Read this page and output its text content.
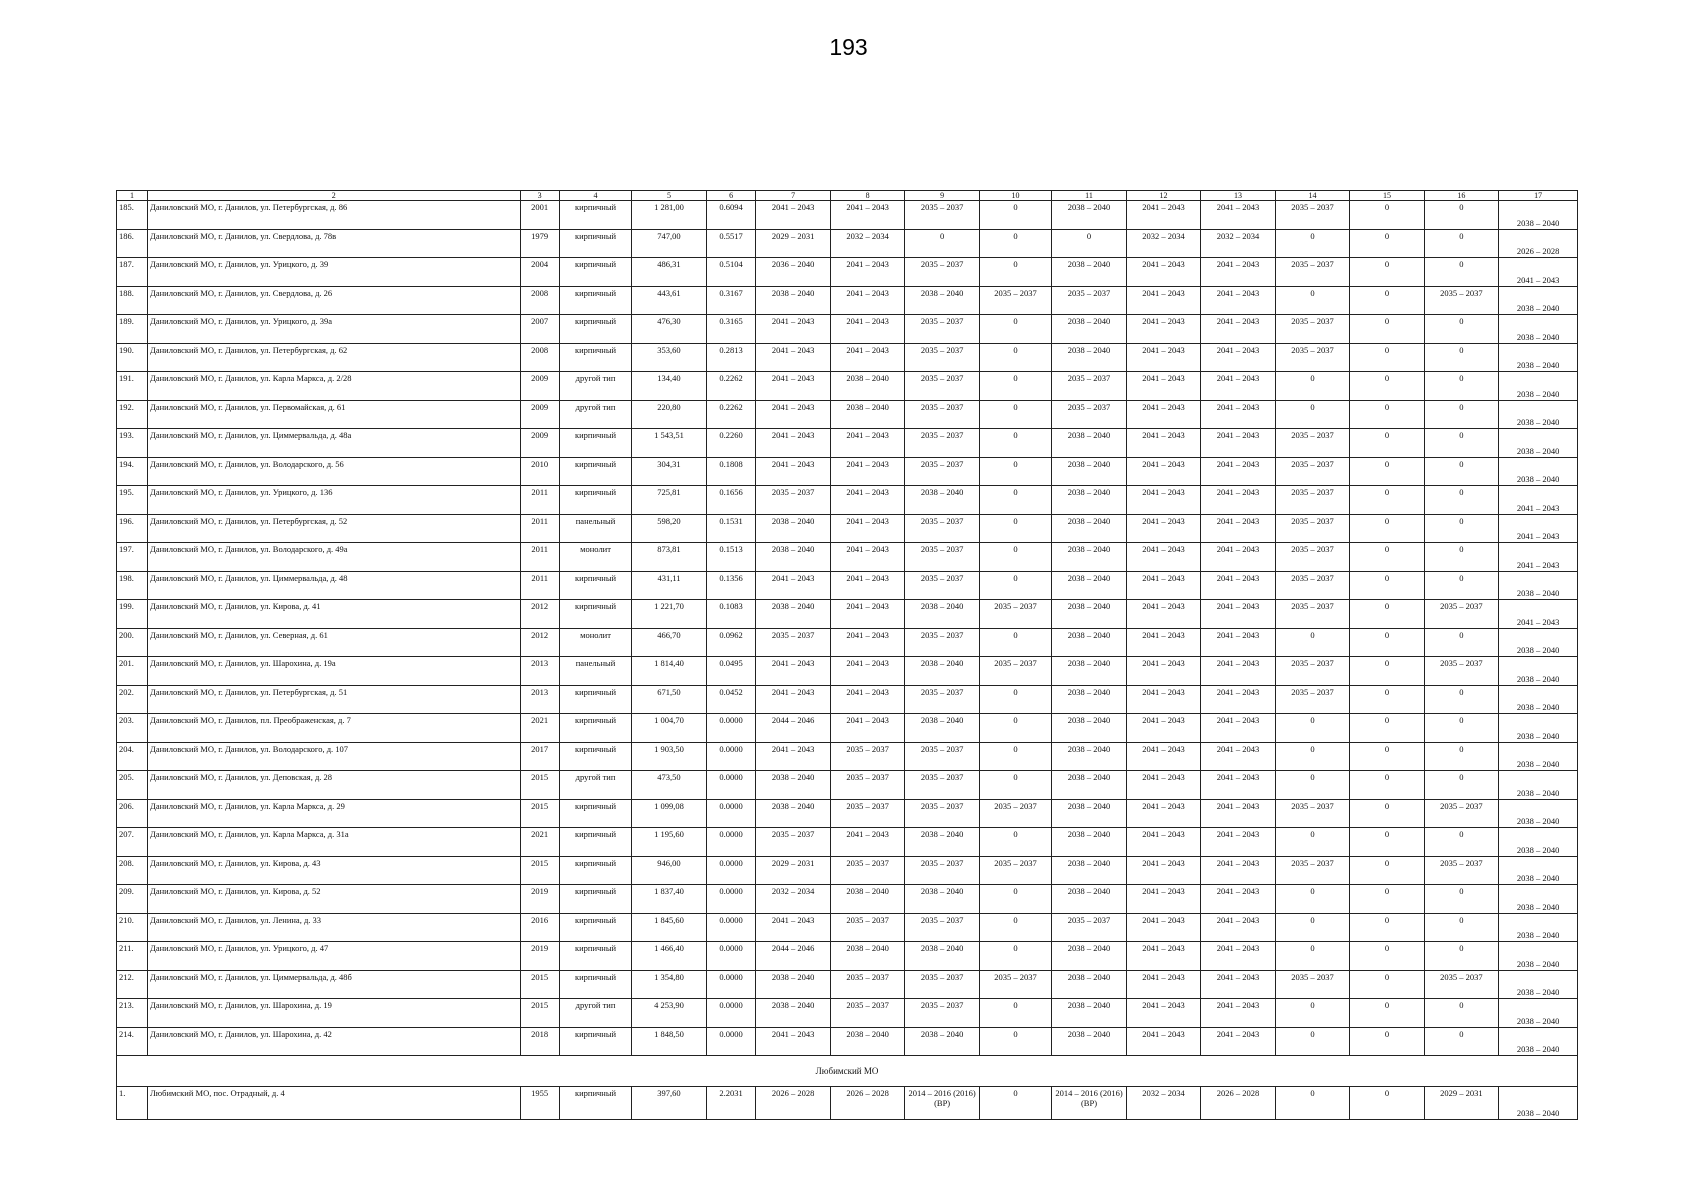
193
1	2	3	4	5	6	7	8	9	10	11	12	13	14	15	16	17
185.	Даниловский МО, г. Данилов, ул. Петербургская, д. 86	2001	кирпичный	1 281,00	0.6094	2041 – 2043	2041 – 2043	2035 – 2037	0	2038 – 2040	2041 – 2043	2041 – 2043	2035 – 2037	0	0	2038 – 2040
186.	Даниловский МО, г. Данилов, ул. Свердлова, д. 78в	1979	кирпичный	747,00	0.5517	2029 – 2031	2032 – 2034	0	0	0	2032 – 2034	2032 – 2034	0	0	0	2026 – 2028
187.	Даниловский МО, г. Данилов, ул. Урицкого, д. 39	2004	кирпичный	486,31	0.5104	2036 – 2040	2041 – 2043	2035 – 2037	0	2038 – 2040	2041 – 2043	2041 – 2043	2035 – 2037	0	0	2041 – 2043
188.	Даниловский МО, г. Данилов, ул. Свердлова, д. 26	2008	кирпичный	443,61	0.3167	2038 – 2040	2041 – 2043	2038 – 2040	2035 – 2037	2035 – 2037	2041 – 2043	2041 – 2043	0	0	2035 – 2037	2038 – 2040
189.	Даниловский МО, г. Данилов, ул. Урицкого, д. 39а	2007	кирпичный	476,30	0.3165	2041 – 2043	2041 – 2043	2035 – 2037	0	2038 – 2040	2041 – 2043	2041 – 2043	2035 – 2037	0	0	2038 – 2040
190.	Даниловский МО, г. Данилов, ул. Петербургская, д. 62	2008	кирпичный	353,60	0.2813	2041 – 2043	2041 – 2043	2035 – 2037	0	2038 – 2040	2041 – 2043	2041 – 2043	2035 – 2037	0	0	2038 – 2040
191.	Даниловский МО, г. Данилов, ул. Карла Маркса, д. 2/28	2009	другой тип	134,40	0.2262	2041 – 2043	2038 – 2040	2035 – 2037	0	2035 – 2037	2041 – 2043	2041 – 2043	0	0	0	2038 – 2040
192.	Даниловский МО, г. Данилов, ул. Первомайская, д. 61	2009	другой тип	220,80	0.2262	2041 – 2043	2038 – 2040	2035 – 2037	0	2035 – 2037	2041 – 2043	2041 – 2043	0	0	0	2038 – 2040
193.	Даниловский МО, г. Данилов, ул. Циммервальда, д. 48а	2009	кирпичный	1 543,51	0.2260	2041 – 2043	2041 – 2043	2035 – 2037	0	2038 – 2040	2041 – 2043	2041 – 2043	2035 – 2037	0	0	2038 – 2040
194.	Даниловский МО, г. Данилов, ул. Володарского, д. 56	2010	кирпичный	304,31	0.1808	2041 – 2043	2041 – 2043	2035 – 2037	0	2038 – 2040	2041 – 2043	2041 – 2043	2035 – 2037	0	0	2038 – 2040
195.	Даниловский МО, г. Данилов, ул. Урицкого, д. 136	2011	кирпичный	725,81	0.1656	2035 – 2037	2041 – 2043	2038 – 2040	0	2038 – 2040	2041 – 2043	2041 – 2043	2035 – 2037	0	0	2041 – 2043
196.	Даниловский МО, г. Данилов, ул. Петербургская, д. 52	2011	панельный	598,20	0.1531	2038 – 2040	2041 – 2043	2035 – 2037	0	2038 – 2040	2041 – 2043	2041 – 2043	2035 – 2037	0	0	2041 – 2043
197.	Даниловский МО, г. Данилов, ул. Володарского, д. 49а	2011	монолит	873,81	0.1513	2038 – 2040	2041 – 2043	2035 – 2037	0	2038 – 2040	2041 – 2043	2041 – 2043	2035 – 2037	0	0	2041 – 2043
198.	Даниловский МО, г. Данилов, ул. Циммервальда, д. 48	2011	кирпичный	431,11	0.1356	2041 – 2043	2041 – 2043	2035 – 2037	0	2038 – 2040	2041 – 2043	2041 – 2043	2035 – 2037	0	0	2038 – 2040
199.	Даниловский МО, г. Данилов, ул. Кирова, д. 41	2012	кирпичный	1 221,70	0.1083	2038 – 2040	2041 – 2043	2038 – 2040	2035 – 2037	2038 – 2040	2041 – 2043	2041 – 2043	2035 – 2037	0	2035 – 2037	2041 – 2043
200.	Даниловский МО, г. Данилов, ул. Северная, д. 61	2012	монолит	466,70	0.0962	2035 – 2037	2041 – 2043	2035 – 2037	0	2038 – 2040	2041 – 2043	2041 – 2043	0	0	0	2038 – 2040
201.	Даниловский МО, г. Данилов, ул. Шарохина, д. 19а	2013	панельный	1 814,40	0.0495	2041 – 2043	2041 – 2043	2038 – 2040	2035 – 2037	2038 – 2040	2041 – 2043	2041 – 2043	2035 – 2037	0	2035 – 2037	2038 – 2040
202.	Даниловский МО, г. Данилов, ул. Петербургская, д. 51	2013	кирпичный	671,50	0.0452	2041 – 2043	2041 – 2043	2035 – 2037	0	2038 – 2040	2041 – 2043	2041 – 2043	2035 – 2037	0	0	2038 – 2040
203.	Даниловский МО, г. Данилов, пл. Преображенская, д. 7	2021	кирпичный	1 004,70	0.0000	2044 – 2046	2041 – 2043	2038 – 2040	0	2038 – 2040	2041 – 2043	2041 – 2043	0	0	0	2038 – 2040
204.	Даниловский МО, г. Данилов, ул. Володарского, д. 107	2017	кирпичный	1 903,50	0.0000	2041 – 2043	2035 – 2037	2035 – 2037	0	2038 – 2040	2041 – 2043	2041 – 2043	0	0	0	2038 – 2040
205.	Даниловский МО, г. Данилов, ул. Деповская, д. 28	2015	другой тип	473,50	0.0000	2038 – 2040	2035 – 2037	2035 – 2037	0	2038 – 2040	2041 – 2043	2041 – 2043	0	0	0	2038 – 2040
206.	Даниловский МО, г. Данилов, ул. Карла Маркса, д. 29	2015	кирпичный	1 099,08	0.0000	2038 – 2040	2035 – 2037	2035 – 2037	2035 – 2037	2038 – 2040	2041 – 2043	2041 – 2043	2035 – 2037	0	2035 – 2037	2038 – 2040
207.	Даниловский МО, г. Данилов, ул. Карла Маркса, д. 31а	2021	кирпичный	1 195,60	0.0000	2035 – 2037	2041 – 2043	2038 – 2040	0	2038 – 2040	2041 – 2043	2041 – 2043	0	0	0	2038 – 2040
208.	Даниловский МО, г. Данилов, ул. Кирова, д. 43	2015	кирпичный	946,00	0.0000	2029 – 2031	2035 – 2037	2035 – 2037	2035 – 2037	2038 – 2040	2041 – 2043	2041 – 2043	2035 – 2037	0	2035 – 2037	2038 – 2040
209.	Даниловский МО, г. Данилов, ул. Кирова, д. 52	2019	кирпичный	1 837,40	0.0000	2032 – 2034	2038 – 2040	2038 – 2040	0	2038 – 2040	2041 – 2043	2041 – 2043	0	0	0	2038 – 2040
210.	Даниловский МО, г. Данилов, ул. Ленина, д. 33	2016	кирпичный	1 845,60	0.0000	2041 – 2043	2035 – 2037	2035 – 2037	0	2035 – 2037	2041 – 2043	2041 – 2043	0	0	0	2038 – 2040
211.	Даниловский МО, г. Данилов, ул. Урицкого, д. 47	2019	кирпичный	1 466,40	0.0000	2044 – 2046	2038 – 2040	2038 – 2040	0	2038 – 2040	2041 – 2043	2041 – 2043	0	0	0	2038 – 2040
212.	Даниловский МО, г. Данилов, ул. Циммервальда, д. 48б	2015	кирпичный	1 354,80	0.0000	2038 – 2040	2035 – 2037	2035 – 2037	2035 – 2037	2038 – 2040	2041 – 2043	2041 – 2043	2035 – 2037	0	2035 – 2037	2038 – 2040
213.	Даниловский МО, г. Данилов, ул. Шарохина, д. 19	2015	другой тип	4 253,90	0.0000	2038 – 2040	2035 – 2037	2035 – 2037	0	2038 – 2040	2041 – 2043	2041 – 2043	0	0	0	2038 – 2040
214.	Даниловский МО, г. Данилов, ул. Шарохина, д. 42	2018	кирпичный	1 848,50	0.0000	2041 – 2043	2038 – 2040	2038 – 2040	0	2038 – 2040	2041 – 2043	2041 – 2043	0	0	0	2038 – 2040
Любимский МО																
1.	Любимский МО, пос. Отрадный, д. 4	1955	кирпичный	397,60	2.2031	2026 – 2028	2026 – 2028	2014 – 2016 (2016) (ВР)	0	2014 – 2016 (2016) (ВР)	2032 – 2034	2026 – 2028	0	0	2029 – 2031	2038 – 2040
